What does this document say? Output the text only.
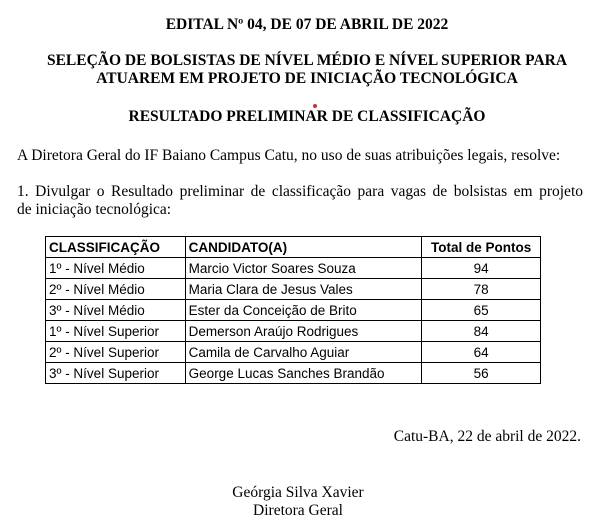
EDITAL Nº 04, DE 07 DE ABRIL DE 2022
SELEÇÃO DE BOLSISTAS DE NÍVEL MÉDIO E NÍVEL SUPERIOR PARA
ATUAREM EM PROJETO DE INICIAÇÃO TECNOLÓGICA
RESULTADO PRELIMINAR DE CLASSIFICAÇÃO
A Diretora Geral do IF Baiano Campus Catu, no uso de suas atribuições legais, resolve:
1. Divulgar o Resultado preliminar de classificação para vagas de bolsistas em projeto
de iniciação tecnológica:
CLASSIFICAÇÃO	CANDIDATO(A)	Total de Pontos
1º - Nível Médio	Marcio Victor Soares Souza	94
2º - Nível Médio	Maria Clara de Jesus Vales	78
3º - Nível Médio	Ester da Conceição de Brito	65
1º - Nível Superior	Demerson Araújo Rodrigues	84
2º - Nível Superior	Camila de Carvalho Aguiar	64
3º - Nível Superior	George Lucas Sanches Brandão	56
Catu-BA, 22 de abril de 2022.
Geórgia Silva Xavier
Diretora Geral
